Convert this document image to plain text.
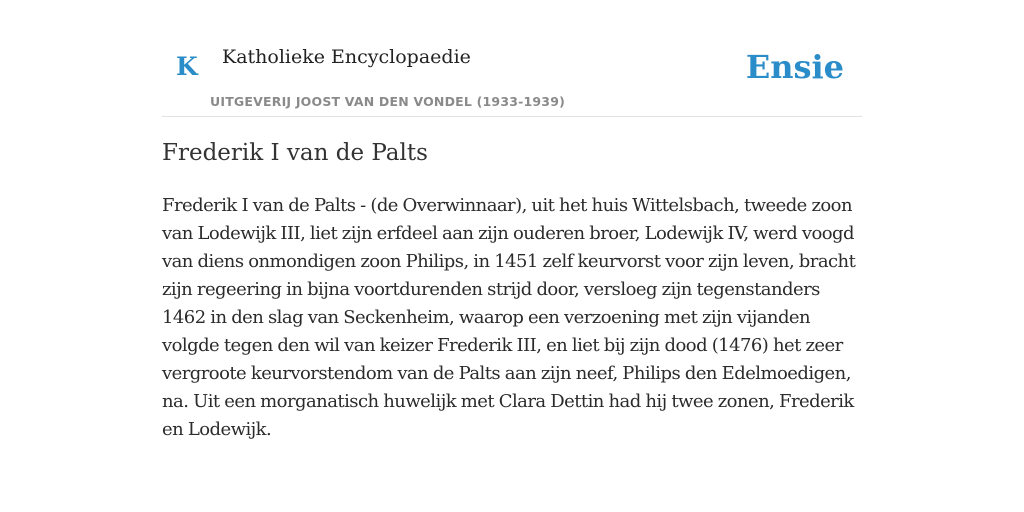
K Katholieke Encyclopaedie
UITGEVERIJ JOOST VAN DEN VONDEL (1933-1939)
Ensie
Frederik I van de Palts

Frederik I van de Palts - (de Overwinnaar), uit het huis Wittelsbach, tweede zoon van Lodewijk III, liet zijn erfdeel aan zijn ouderen broer, Lodewijk IV, werd voogd van diens onmondigen zoon Philips, in 1451 zelf keurvorst voor zijn leven, bracht zijn regeering in bijna voortdurenden strijd door, versloeg zijn tegenstanders 1462 in den slag van Seckenheim, waarop een verzoening met zijn vijanden volgde tegen den wil van keizer Frederik III, en liet bij zijn dood (1476) het zeer vergroote keurvorstendom van de Palts aan zijn neef, Philips den Edelmoedigen, na. Uit een morganatisch huwelijk met Clara Dettin had hij twee zonen, Frederik en Lodewijk.
